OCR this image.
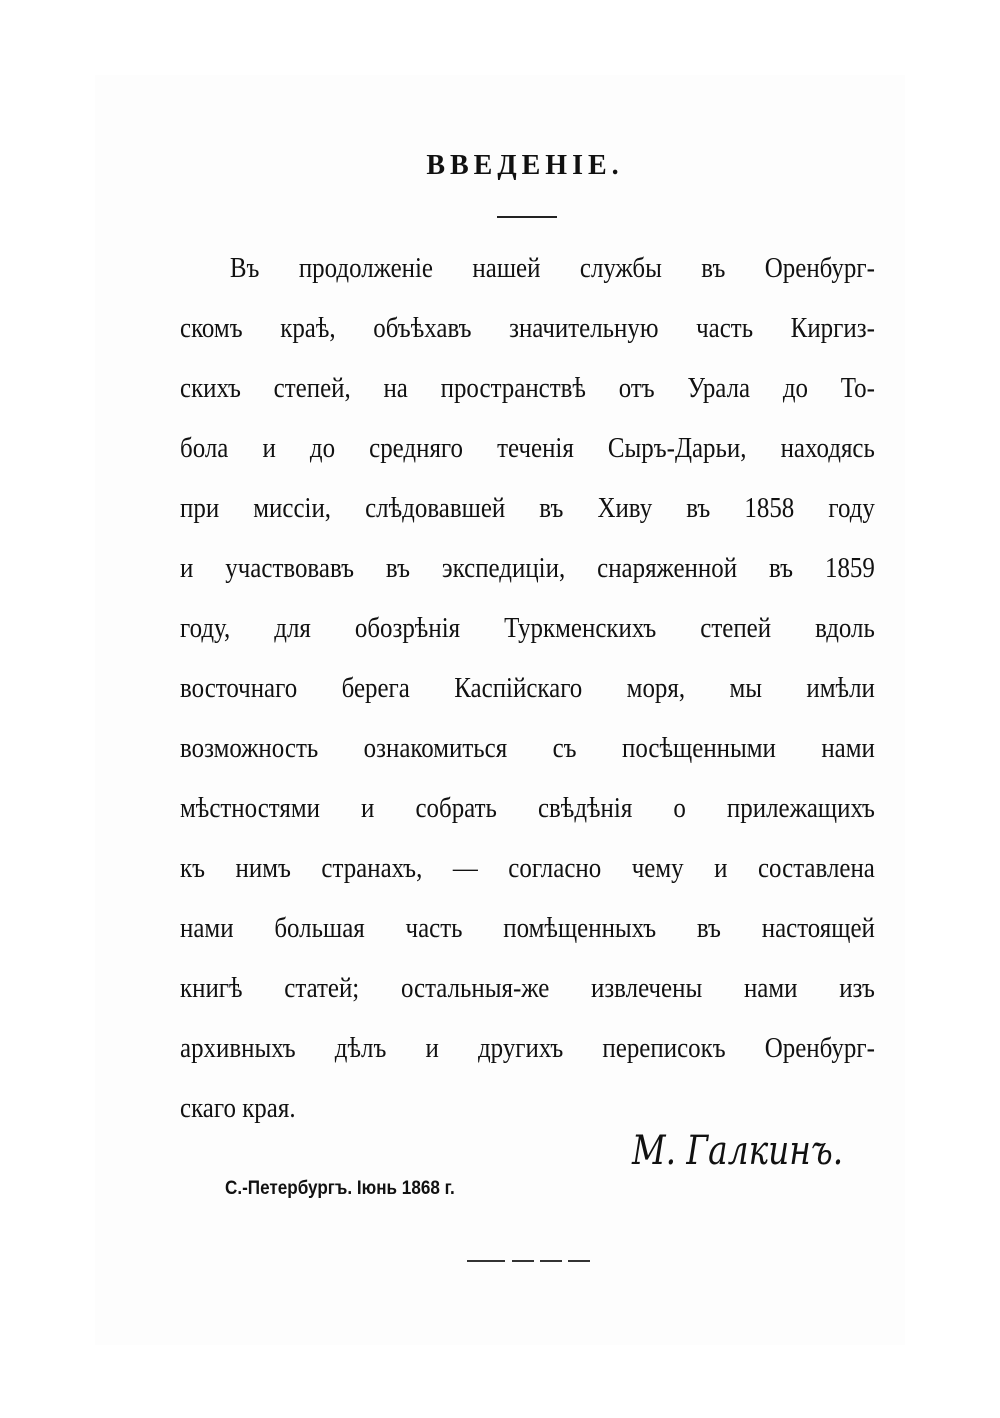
ВВЕДЕНІЕ.
Въ продолженіе нашей службы въ Оренбург-
скомъ краѣ, объѣхавъ значительную часть Киргиз-
скихъ степей, на пространствѣ отъ Урала до То-
бола и до средняго теченія Сыръ-Дарьи, находясь
при миссіи, слѣдовавшей въ Хиву въ 1858 году
и участвовавъ въ экспедиціи, снаряженной въ 1859
году, для обозрѣнія Туркменскихъ степей вдоль
восточнаго берега Каспійскаго моря, мы имѣли
возможность ознакомиться съ посѣщенными нами
мѣстностями и собрать свѣдѣнія о прилежащихъ
къ нимъ странахъ, — согласно чему и составлена
нами большая часть помѣщенныхъ въ настоящей
книгѣ статей; остальныя-же извлечены нами изъ
архивныхъ дѣлъ и другихъ переписокъ Оренбург-
скаго края.
М. Галкинъ.
С.-Петербургъ. Іюнь 1868 г.
